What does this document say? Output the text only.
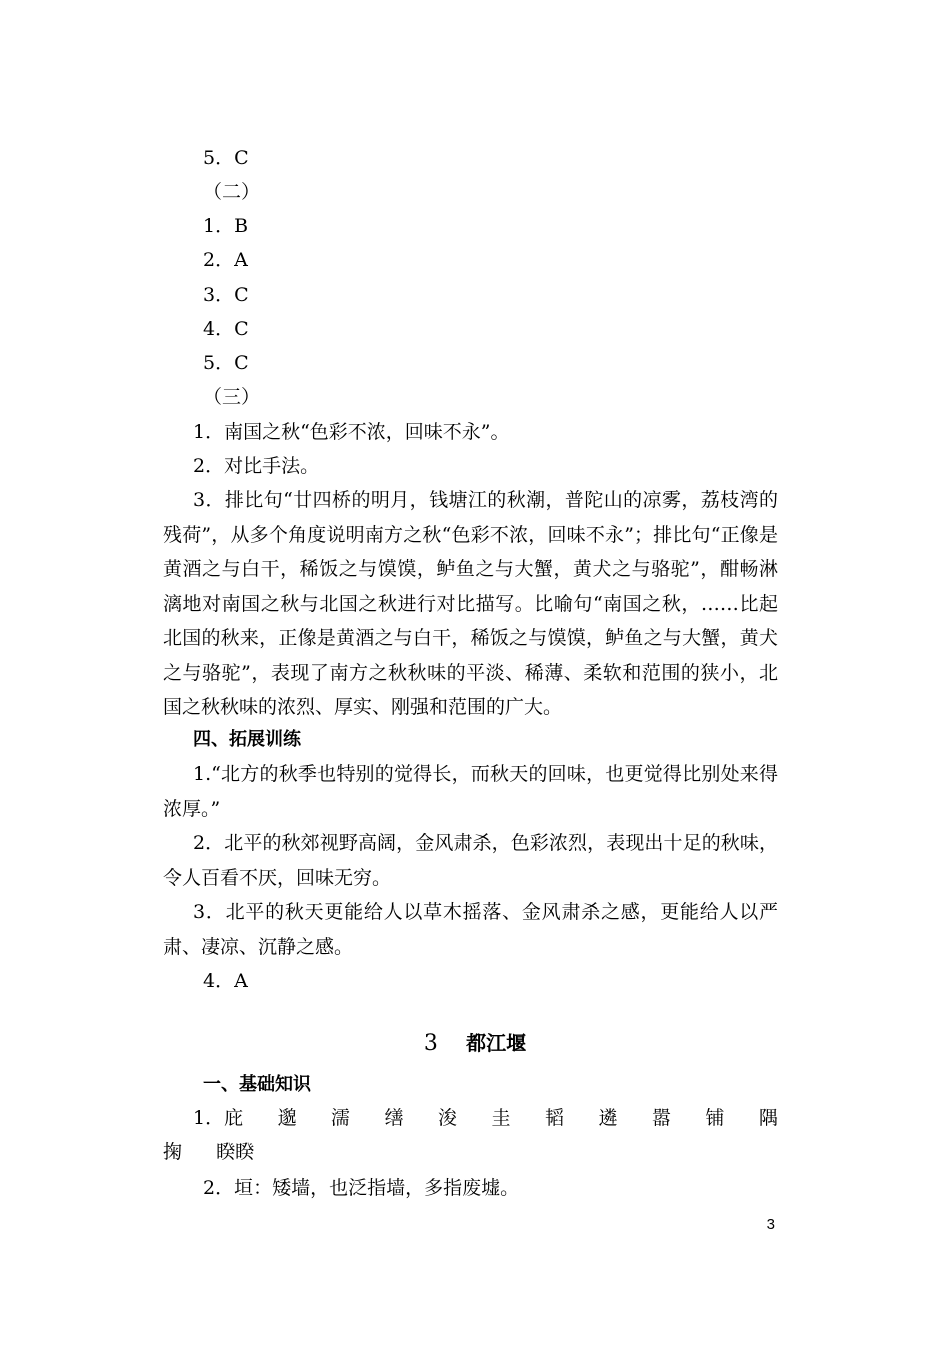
5．C
（二）
1．B
2．A
3．C
4．C
5．C
（三）
1．南国之秋“色彩不浓，回味不永”。
2．对比手法。
3．排比句“廿四桥的明月，钱塘江的秋潮，普陀山的凉雾，荔枝湾的残荷”，从多个角度说明南方之秋“色彩不浓，回味不永”；排比句“正像是黄酒之与白干，稀饭之与馍馍，鲈鱼之与大蟹，黄犬之与骆驼”，酣畅淋漓地对南国之秋与北国之秋进行对比描写。比喻句“南国之秋，……比起北国的秋来，正像是黄酒之与白干，稀饭之与馍馍，鲈鱼之与大蟹，黄犬之与骆驼”，表现了南方之秋秋味的平淡、稀薄、柔软和范围的狭小，北国之秋秋味的浓烈、厚实、刚强和范围的广大。
四、拓展训练
1.“北方的秋季也特别的觉得长，而秋天的回味，也更觉得比别处来得浓厚。”
2．北平的秋郊视野高阔，金风肃杀，色彩浓烈，表现出十足的秋味，令人百看不厌，回味无穷。
3．北平的秋天更能给人以草木摇落、金风肃杀之感，更能给人以严肃、凄凉、沉静之感。
4．A
3 都江堰
一、基础知识
1．庇 邈 濡 缮 浚 圭 韬 遴 嚣 铺 隅
掬 睽睽
2．垣：矮墙，也泛指墙，多指废墟。
3
